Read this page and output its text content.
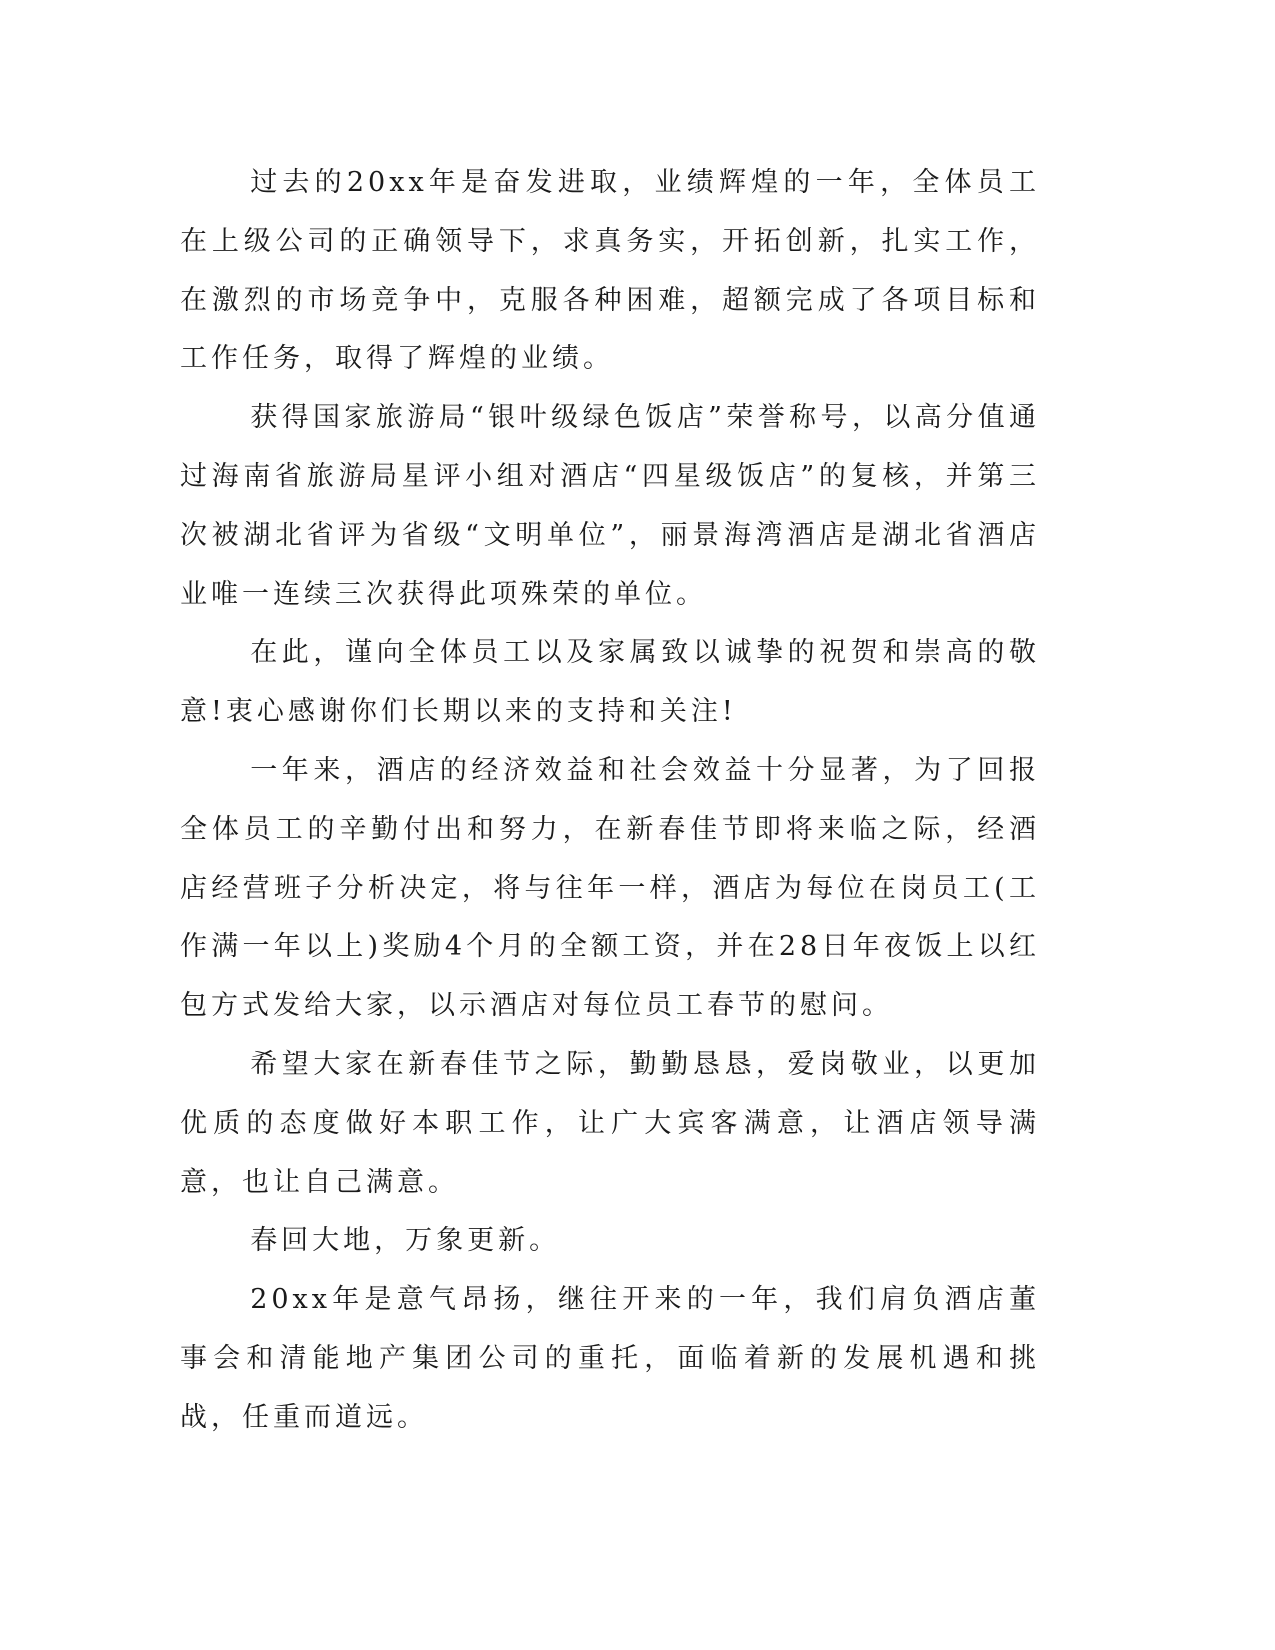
过去的20xx年是奋发进取，业绩辉煌的一年，全体员工在上级公司的正确领导下，求真务实，开拓创新，扎实工作，在激烈的市场竞争中，克服各种困难，超额完成了各项目标和工作任务，取得了辉煌的业绩。

获得国家旅游局“银叶级绿色饭店”荣誉称号，以高分值通过海南省旅游局星评小组对酒店“四星级饭店”的复核，并第三次被湖北省评为省级“文明单位”，丽景海湾酒店是湖北省酒店业唯一连续三次获得此项殊荣的单位。

在此，谨向全体员工以及家属致以诚挚的祝贺和崇高的敬意!衷心感谢你们长期以来的支持和关注!

一年来，酒店的经济效益和社会效益十分显著，为了回报全体员工的辛勤付出和努力，在新春佳节即将来临之际，经酒店经营班子分析决定，将与往年一样，酒店为每位在岗员工(工作满一年以上)奖励4个月的全额工资，并在28日年夜饭上以红包方式发给大家，以示酒店对每位员工春节的慰问。

希望大家在新春佳节之际，勤勤恳恳，爱岗敬业，以更加优质的态度做好本职工作，让广大宾客满意，让酒店领导满意，也让自己满意。

春回大地，万象更新。

20xx年是意气昂扬，继往开来的一年，我们肩负酒店董事会和清能地产集团公司的重托，面临着新的发展机遇和挑战，任重而道远。
